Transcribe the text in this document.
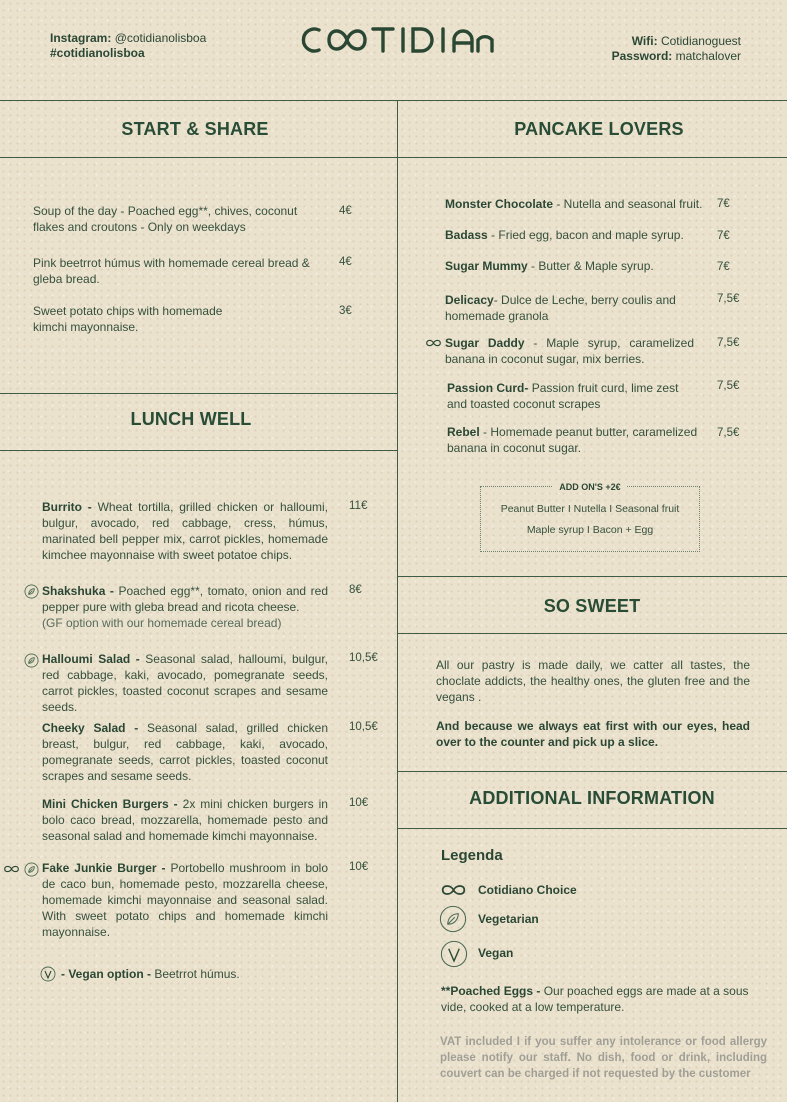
Instagram: @cotidianolisboa
#cotidianolisboa
Wifi: Cotidianoguest
Password: matchalover
START & SHARE
Soup of the day - Poached egg**, chives, coconut flakes and croutons - Only on weekdays
4€
Pink beetrrot húmus with homemade cereal bread & gleba bread.
4€
Sweet potato chips with homemade kimchi mayonnaise.
3€
LUNCH WELL
Burrito - Wheat tortilla, grilled chicken or halloumi, bulgur, avocado, red cabbage, cress, húmus, marinated bell pepper mix, carrot pickles, homemade kimchee mayonnaise with sweet potatoe chips.
11€
Shakshuka - Poached egg**, tomato, onion and red pepper pure with gleba bread and ricota cheese.
(GF option with our homemade cereal bread)
8€
Halloumi Salad - Seasonal salad, halloumi, bulgur, red cabbage, kaki, avocado, pomegranate seeds, carrot pickles, toasted coconut scrapes and sesame seeds.
10,5€
Cheeky Salad - Seasonal salad, grilled chicken breast, bulgur, red cabbage, kaki, avocado, pomegranate seeds, carrot pickles, toasted coconut scrapes and sesame seeds.
10,5€
Mini Chicken Burgers - 2x mini chicken burgers in bolo caco bread, mozzarella, homemade pesto and seasonal salad and homemade kimchi mayonnaise.
10€
Fake Junkie Burger - Portobello mushroom in bolo de caco bun, homemade pesto, mozzarella cheese, homemade kimchi mayonnaise and seasonal salad. With sweet potato chips and homemade kimchi mayonnaise.
10€
- Vegan option - Beetrrot húmus.
PANCAKE LOVERS
Monster Chocolate - Nutella and seasonal fruit. 7€
Badass - Fried egg, bacon and maple syrup.	7€
Sugar Mummy - Butter & Maple syrup.	7€
Delicacy- Dulce de Leche, berry coulis and homemade granola
7,5€
Sugar Daddy - Maple syrup, caramelized banana in coconut sugar, mix berries.
7,5€
Passion Curd- Passion fruit curd, lime zest and toasted coconut scrapes
7,5€
Rebel - Homemade peanut butter, caramelized banana in coconut sugar.
7,5€
ADD ON'S +2€
Peanut Butter I Nutella I Seasonal fruit
Maple syrup I Bacon + Egg
SO SWEET
All our pastry is made daily, we catter all tastes, the choclate addicts, the healthy ones, the gluten free and the vegans .
And because we always eat first with our eyes, head over to the counter and pick up a slice.
ADDITIONAL INFORMATION
Legenda
Cotidiano Choice
Vegetarian
Vegan
**Poached Eggs - Our poached eggs are made at a sous vide, cooked at a low temperature.
VAT included I if you suffer any intolerance or food allergy please notify our staff. No dish, food or drink, including couvert can be charged if not requested by the customer
